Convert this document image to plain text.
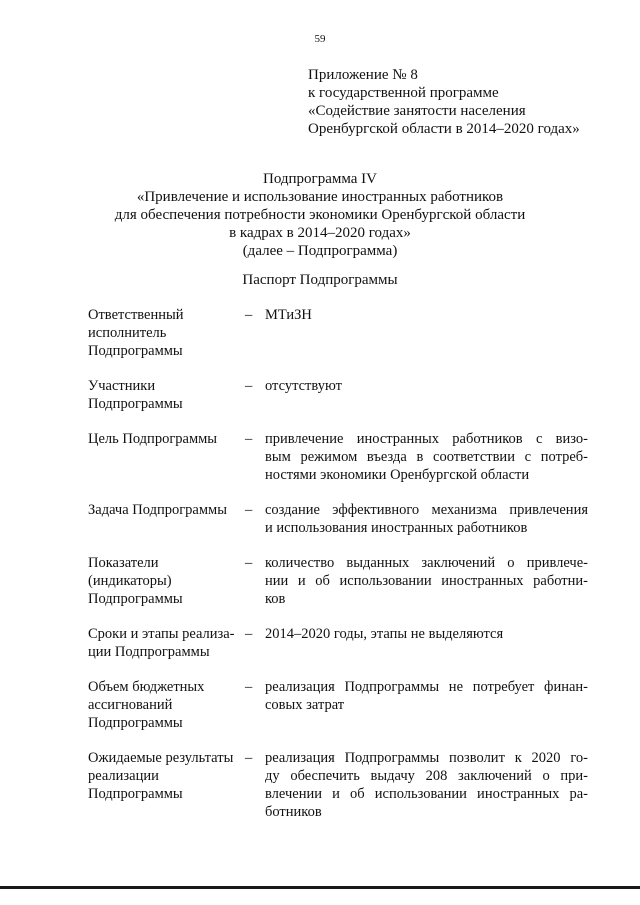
59
Приложение № 8
к государственной программе
«Содействие занятости населения
Оренбургской области в 2014–2020 годах»
Подпрограмма IV
«Привлечение и использование иностранных работников
для обеспечения потребности экономики Оренбургской области
в кадрах в 2014–2020 годах»
(далее – Подпрограмма)
Паспорт Подпрограммы
Ответственный
исполнитель
Подпрограммы
– МТиЗН
Участники
Подпрограммы
– отсутствуют
Цель Подпрограммы	– привлечение иностранных работников с визо-
вым режимом въезда в соответствии с потреб-
ностями экономики Оренбургской области
Задача Подпрограммы	– создание эффективного механизма привлечения
и использования иностранных работников
Показатели
(индикаторы)
Подпрограммы
– количество выданных заключений о привлече-
нии и об использовании иностранных работни-
ков
Сроки и этапы реализа-
ции Подпрограммы
– 2014–2020 годы, этапы не выделяются
Объем бюджетных
ассигнований
Подпрограммы
– реализация Подпрограммы не потребует финан-
совых затрат
Ожидаемые результаты
реализации
Подпрограммы
– реализация Подпрограммы позволит к 2020 го-
ду обеспечить выдачу 208 заключений о при-
влечении и об использовании иностранных ра-
ботников
